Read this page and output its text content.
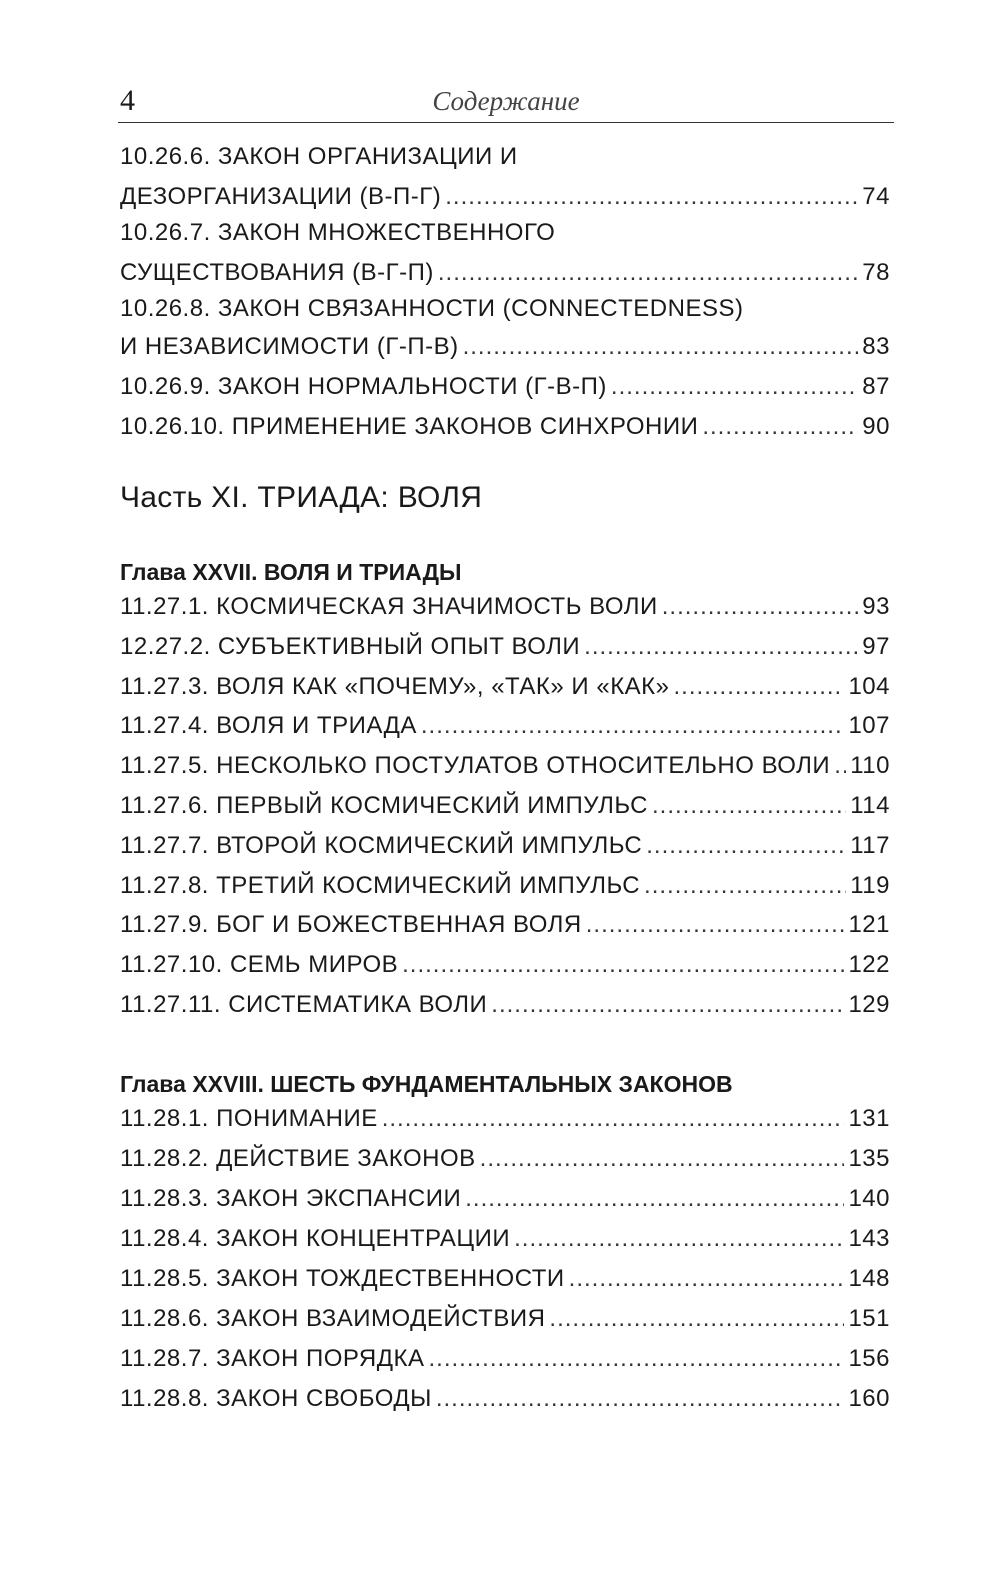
4	Содержание
10.26.6. ЗАКОН ОРГАНИЗАЦИИ И
ДЕЗОРГАНИЗАЦИИ (В-П-Г) .....	74
10.26.7. ЗАКОН МНОЖЕСТВЕННОГО
СУЩЕСТВОВАНИЯ (В-Г-П) .....	78
10.26.8. ЗАКОН СВЯЗАННОСТИ (CONNECTEDNESS)
И НЕЗАВИСИМОСТИ (Г-П-В) .....	83
10.26.9. ЗАКОН НОРМАЛЬНОСТИ (Г-В-П) .....	87
10.26.10. ПРИМЕНЕНИЕ ЗАКОНОВ СИНХРОНИИ .....	90
Часть XI. ТРИАДА: ВОЛЯ
Глава XXVII. ВОЛЯ И ТРИАДЫ
11.27.1. КОСМИЧЕСКАЯ ЗНАЧИМОСТЬ ВОЛИ .....	93
12.27.2. СУБЪЕКТИВНЫЙ ОПЫТ ВОЛИ .....	97
11.27.3. ВОЛЯ КАК «ПОЧЕМУ», «ТАК» И «КАК» .....	104
11.27.4. ВОЛЯ И ТРИАДА .....	107
11.27.5. НЕСКОЛЬКО ПОСТУЛАТОВ ОТНОСИТЕЛЬНО ВОЛИ ..... 110
11.27.6. ПЕРВЫЙ КОСМИЧЕСКИЙ ИМПУЛЬС .....	114
11.27.7. ВТОРОЙ КОСМИЧЕСКИЙ ИМПУЛЬС .....	117
11.27.8. ТРЕТИЙ КОСМИЧЕСКИЙ ИМПУЛЬС .....	119
11.27.9. БОГ И БОЖЕСТВЕННАЯ ВОЛЯ .....	121
11.27.10. СЕМЬ МИРОВ .....	122
11.27.11. СИСТЕМАТИКА ВОЛИ .....	129
Глава XXVIII. ШЕСТЬ ФУНДАМЕНТАЛЬНЫХ ЗАКОНОВ
11.28.1. ПОНИМАНИЕ .....	131
11.28.2. ДЕЙСТВИЕ ЗАКОНОВ .....	135
11.28.3. ЗАКОН ЭКСПАНСИИ .....	140
11.28.4. ЗАКОН КОНЦЕНТРАЦИИ .....	143
11.28.5. ЗАКОН ТОЖДЕСТВЕННОСТИ .....	148
11.28.6. ЗАКОН ВЗАИМОДЕЙСТВИЯ .....	151
11.28.7. ЗАКОН ПОРЯДКА .....	156
11.28.8. ЗАКОН СВОБОДЫ .....	160
